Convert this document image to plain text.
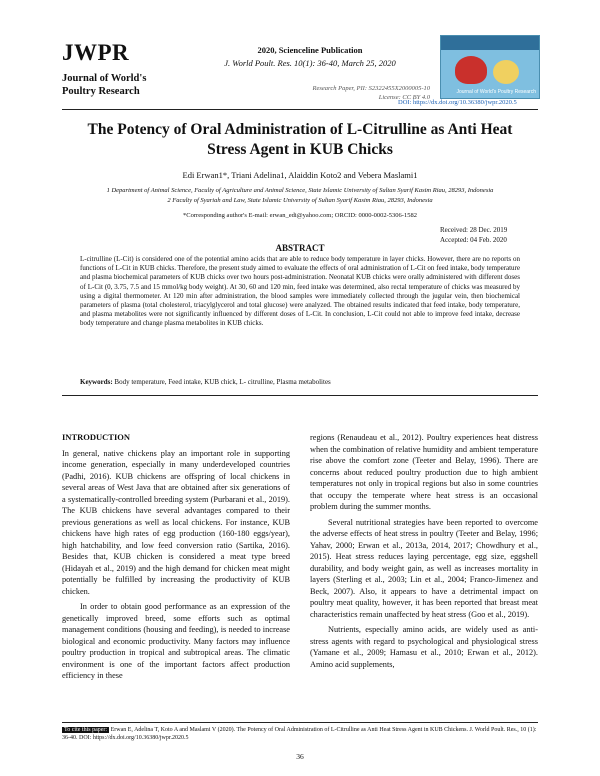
JWPR
Journal of World's
Poultry Research
2020, Scienceline Publication
J. World Poult. Res. 10(1): 36-40, March 25, 2020
Research Paper, PII: S2322455X2000005-10
License: CC BY 4.0
Journal of World's Poultry Research
DOI: https://dx.doi.org/10.36380/jwpr.2020.5
The Potency of Oral Administration of L-Citrulline as Anti Heat
Stress Agent in KUB Chicks
Edi Erwan1*, Triani Adelina1, Alaiddin Koto2 and Vebera Maslami1
1 Department of Animal Science, Faculty of Agriculture and Animal Science, State Islamic University of Sultan Syarif Kasim Riau, 28293, Indonesia
2 Faculty of Syariah and Law, State Islamic University of Sultan Syarif Kasim Riau, 28293, Indonesia
*Corresponding author's E-mail: erwan_edi@yahoo.com; ORCID: 0000-0002-5306-1582
Received: 28 Dec. 2019
Accepted: 04 Feb. 2020
ABSTRACT
L-citrulline (L-Cit) is considered one of the potential amino acids that are able to reduce body temperature in layer chicks. However, there are no reports on functions of L-Cit in KUB chicks. Therefore, the present study aimed to evaluate the effects of oral administration of L-Cit on feed intake, body temperature and plasma biochemical parameters of KUB chicks over two hours post-administration. Neonatal KUB chicks were orally administered with different doses of L-Cit (0, 3.75, 7.5 and 15 mmol/kg body weight). At 30, 60 and 120 min, feed intake was determined, also rectal temperature of chicks was measured by using a digital thermometer. At 120 min after administration, the blood samples were immediately collected through the jugular vein, then biochemical parameters of plasma (total cholesterol, triacylglycerol and total glucose) were analyzed. The obtained results indicated that feed intake, body temperature, and plasma metabolites were not significantly influenced by different doses of L-Cit. In conclusion, L-Cit could not able to improve feed intake, decrease body temperature and change plasma metabolites in KUB chicks.
Keywords: Body temperature, Feed intake, KUB chick, L- citrulline, Plasma metabolites

INTRODUCTION

In general, native chickens play an important role in supporting income generation, especially in many underdeveloped countries (Padhi, 2016). KUB chickens are offspring of local chickens in several areas of West Java that are obtained after six generations of a systematically-controlled breeding system (Purbarani et al., 2019). The KUB chickens have several advantages compared to their previous generations as well as local chickens. For instance, KUB chickens have high rates of egg production (160-180 eggs/year), high hatchability, and low feed conversion ratio (Sartika, 2016). Besides that, KUB chicken is considered a meat type breed (Hidayah et al., 2019) and the high demand for chicken meat might potentially be fulfilled by increasing the productivity of KUB chicken.

In order to obtain good performance as an expression of the genetically improved breed, some efforts such as optimal management conditions (housing and feeding), is needed to increase biological and economic productivity. Many factors may influence poultry production in tropical and subtropical areas. The climatic environment is one of the important factors affect production efficiency in these

regions (Renaudeau et al., 2012). Poultry experiences heat distress when the combination of relative humidity and ambient temperature rise above the comfort zone (Teeter and Belay, 1996). There are concerns about reduced poultry production due to high ambient temperatures not only in tropical regions but also in some countries that occupy the temperate where heat stress is an occasional problem during the summer months.

Several nutritional strategies have been reported to overcome the adverse effects of heat stress in poultry (Teeter and Belay, 1996; Yahav, 2000; Erwan et al., 2013a, 2014, 2017; Chowdhury et al., 2015). Heat stress reduces laying percentage, egg size, eggshell durability, and body weight gain, as well as increases mortality in layers (Sterling et al., 2003; Lin et al., 2004; Franco-Jimenez and Beck, 2007). Also, it appears to have a detrimental impact on poultry meat quality, however, it has been reported that breast meat characteristics remain unaffected by heat stress (Goo et al., 2019).

Nutrients, especially amino acids, are widely used as anti-stress agents with regard to psychological and physiological stress (Yamane et al., 2009; Hamasu et al., 2010; Erwan et al., 2012). Amino acid supplements,

To cite this paper: Erwan E, Adelina T, Koto A and Maslami V (2020). The Potency of Oral Administration of L-Citrulline as Anti Heat Stress Agent in KUB Chickens. J. World Poult. Res., 10 (1): 36-40. DOI: https://dx.doi.org/10.36380/jwpr.2020.5
36
